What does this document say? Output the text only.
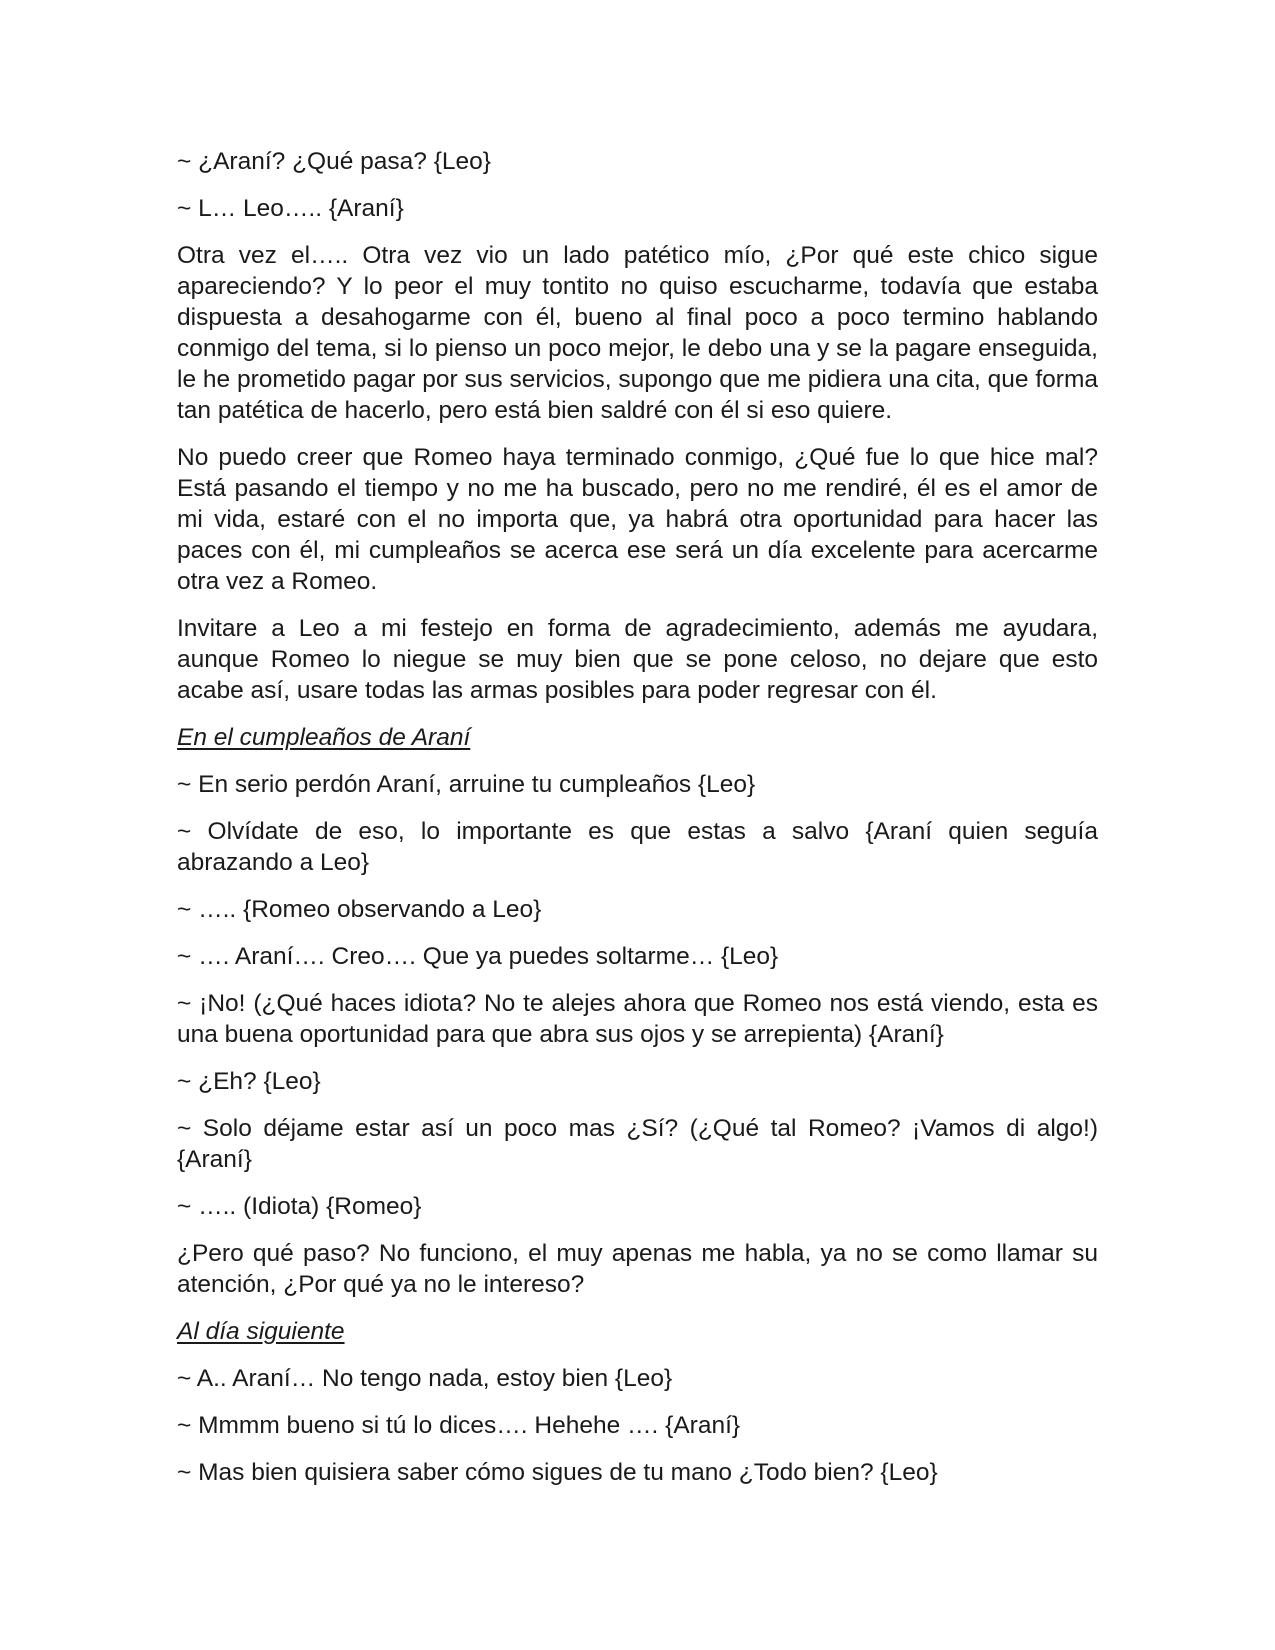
~ ¿Araní? ¿Qué pasa? {Leo}

~ L… Leo….. {Araní}

Otra vez el….. Otra vez vio un lado patético mío, ¿Por qué este chico sigue apareciendo? Y lo peor el muy tontito no quiso escucharme, todavía que estaba dispuesta a desahogarme con él, bueno al final poco a poco termino hablando conmigo del tema, si lo pienso un poco mejor, le debo una y se la pagare enseguida, le he prometido pagar por sus servicios, supongo que me pidiera una cita, que forma tan patética de hacerlo, pero está bien saldré con él si eso quiere.

No puedo creer que Romeo haya terminado conmigo, ¿Qué fue lo que hice mal? Está pasando el tiempo y no me ha buscado, pero no me rendiré, él es el amor de mi vida, estaré con el no importa que, ya habrá otra oportunidad para hacer las paces con él, mi cumpleaños se acerca ese será un día excelente para acercarme otra vez a Romeo.

Invitare a Leo a mi festejo en forma de agradecimiento, además me ayudara, aunque Romeo lo niegue se muy bien que se pone celoso, no dejare que esto acabe así, usare todas las armas posibles para poder regresar con él.

En el cumpleaños de Araní

~ En serio perdón Araní, arruine tu cumpleaños {Leo}

~ Olvídate de eso, lo importante es que estas a salvo {Araní quien seguía abrazando a Leo}

~ ….. {Romeo observando a Leo}

~ …. Araní…. Creo…. Que ya puedes soltarme… {Leo}

~ ¡No! (¿Qué haces idiota? No te alejes ahora que Romeo nos está viendo, esta es una buena oportunidad para que abra sus ojos y se arrepienta) {Araní}

~ ¿Eh? {Leo}

~ Solo déjame estar así un poco mas ¿Sí? (¿Qué tal Romeo? ¡Vamos di algo!) {Araní}

~ ….. (Idiota) {Romeo}

¿Pero qué paso? No funciono, el muy apenas me habla, ya no se como llamar su atención, ¿Por qué ya no le intereso?

Al día siguiente

~ A.. Araní… No tengo nada, estoy bien {Leo}

~ Mmmm bueno si tú lo dices…. Hehehe …. {Araní}

~ Mas bien quisiera saber cómo sigues de tu mano ¿Todo bien? {Leo}
